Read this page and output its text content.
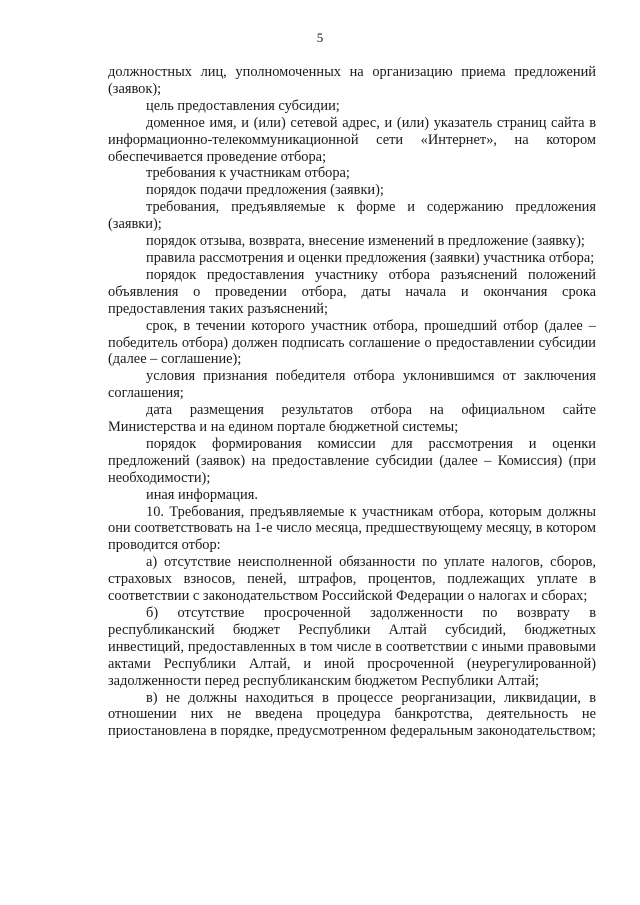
5

должностных лиц, уполномоченных на организацию приема предложений (заявок);

цель предоставления субсидии;

доменное имя, и (или) сетевой адрес, и (или) указатель страниц сайта в информационно-телекоммуникационной сети «Интернет», на котором обеспечивается проведение отбора;

требования к участникам отбора;

порядок подачи предложения (заявки);

требования, предъявляемые к форме и содержанию предложения (заявки);

порядок отзыва, возврата, внесение изменений в предложение (заявку);

правила рассмотрения и оценки предложения (заявки) участника отбора;

порядок предоставления участнику отбора разъяснений положений объявления о проведении отбора, даты начала и окончания срока предоставления таких разъяснений;

срок, в течении которого участник отбора, прошедший отбор (далее – победитель отбора) должен подписать соглашение о предоставлении субсидии (далее – соглашение);

условия признания победителя отбора уклонившимся от заключения соглашения;

дата размещения результатов отбора на официальном сайте Министерства и на едином портале бюджетной системы;

порядок формирования комиссии для рассмотрения и оценки предложений (заявок) на предоставление субсидии (далее – Комиссия) (при необходимости);

иная информация.

10. Требования, предъявляемые к участникам отбора, которым должны они соответствовать на 1-е число месяца, предшествующему месяцу, в котором проводится отбор:

а) отсутствие неисполненной обязанности по уплате налогов, сборов, страховых взносов, пеней, штрафов, процентов, подлежащих уплате в соответствии с законодательством Российской Федерации о налогах и сборах;

б) отсутствие просроченной задолженности по возврату в республиканский бюджет Республики Алтай субсидий, бюджетных инвестиций, предоставленных в том числе в соответствии с иными правовыми актами Республики Алтай, и иной просроченной (неурегулированной) задолженности перед республиканским бюджетом Республики Алтай;

в) не должны находиться в процессе реорганизации, ликвидации, в отношении них не введена процедура банкротства, деятельность не приостановлена в порядке, предусмотренном федеральным законодательством;
